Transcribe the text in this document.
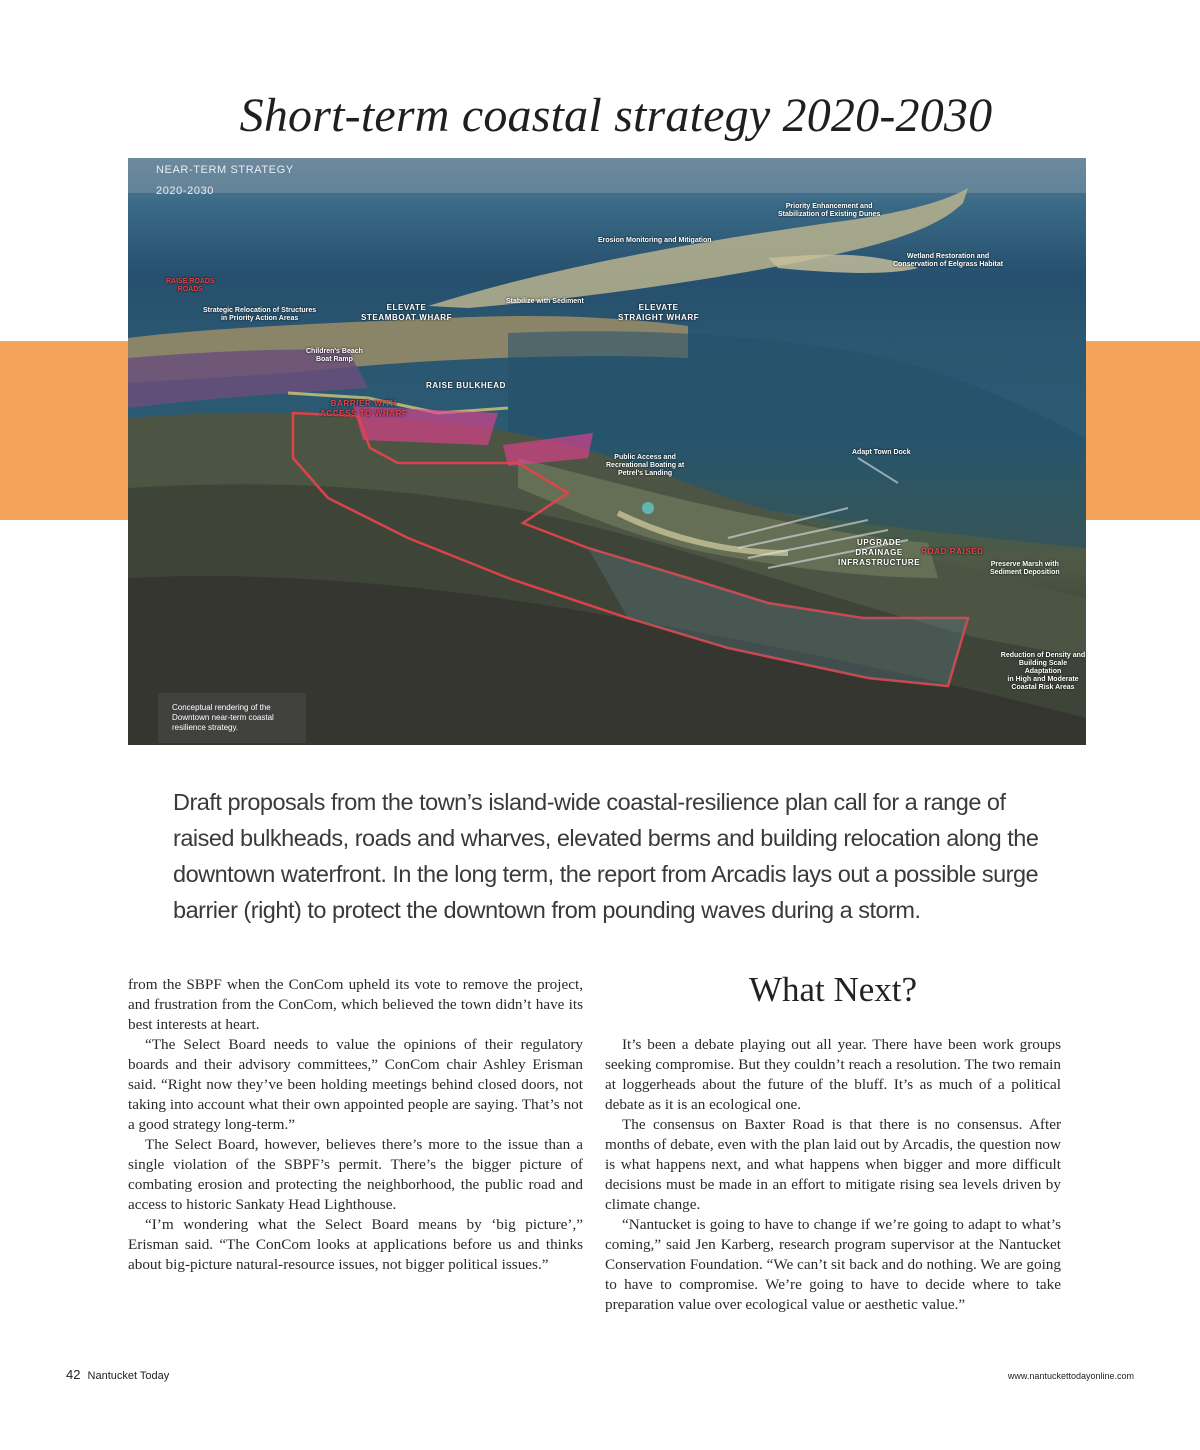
Short-term coastal strategy 2020-2030
NEAR-TERM STRATEGY
2020-2030
Priority Enhancement and
Stabilization of Existing Dunes
Erosion Monitoring and Mitigation
Wetland Restoration and
Conservation of Eelgrass Habitat
RAISE ROADS
ROADS
Strategic Relocation of Structures
in Priority Action Areas
ELEVATE
STEAMBOAT WHARF
Stabilize with Sediment
ELEVATE
STRAIGHT WHARF
Children's Beach
Boat Ramp
RAISE BULKHEAD
BARRIER WITH
ACCESS TO WHARF
Public Access and
Recreational Boating at
Petrel's Landing
Adapt Town Dock
UPGRADE
DRAINAGE
INFRASTRUCTURE
ROAD RAISED
Preserve Marsh with
Sediment Deposition
Reduction of Density and
Building Scale Adaptation
in High and Moderate
Coastal Risk Areas
Conceptual rendering of the
Downtown near-term coastal
resilience strategy.
Draft proposals from the town’s island-wide coastal-resilience plan call for a range of
raised bulkheads, roads and wharves, elevated berms and building relocation along the
downtown waterfront. In the long term, the report from Arcadis lays out a possible surge
barrier (right) to protect the downtown from pounding waves during a storm.

from the SBPF when the ConCom upheld its vote to remove the project, and frustration from the ConCom, which believed the town didn’t have its best interests at heart.

“The Select Board needs to value the opinions of their regulatory boards and their advisory committees,” ConCom chair Ashley Erisman said. “Right now they’ve been holding meetings behind closed doors, not taking into account what their own appointed people are saying. That’s not a good strategy long-term.”

The Select Board, however, believes there’s more to the issue than a single violation of the SBPF’s permit. There’s the bigger picture of combating erosion and protecting the neighborhood, the public road and access to historic Sankaty Head Lighthouse.

“I’m wondering what the Select Board means by ‘big picture’,” Erisman said. “The ConCom looks at applications before us and thinks about big-picture natural-resource issues, not bigger political issues.”

What Next?

It’s been a debate playing out all year. There have been work groups seeking compromise. But they couldn’t reach a resolution. The two remain at loggerheads about the future of the bluff. It’s as much of a political debate as it is an ecological one.

The consensus on Baxter Road is that there is no consensus. After months of debate, even with the plan laid out by Arcadis, the question now is what happens next, and what happens when bigger and more difficult decisions must be made in an effort to mitigate rising sea levels driven by climate change.

“Nantucket is going to have to change if we’re going to adapt to what’s coming,” said Jen Karberg, research program supervisor at the Nantucket Conservation Foundation. “We can’t sit back and do nothing. We are going to have to compromise. We’re going to have to decide where to take preparation value over ecological value or aesthetic value.”

42 Nantucket Today	www.nantuckettodayonline.com
